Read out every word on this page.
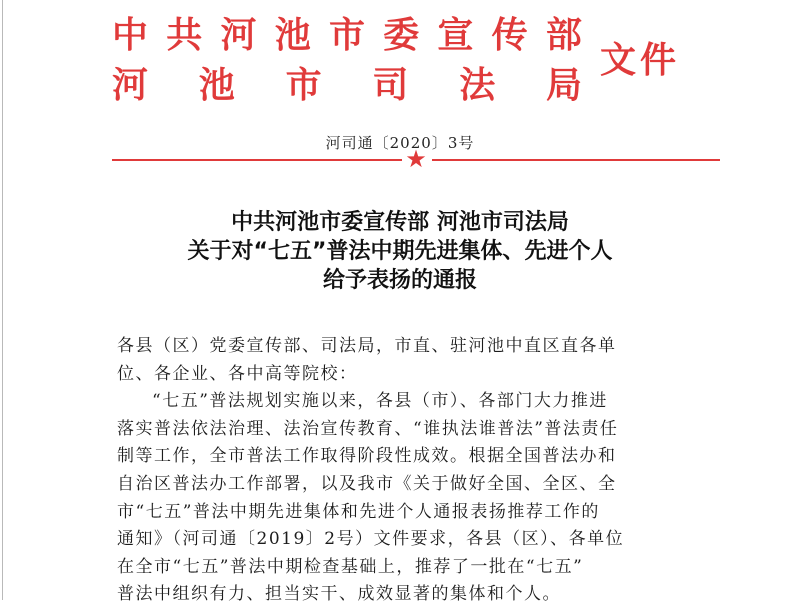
中 共 河 池 市 委 宣 传 部
河 池 市 司 法 局
文件
河司通〔2020〕3号
★
中共河池市委宣传部 河池市司法局
关于对“七五”普法中期先进集体、先进个人
给予表扬的通报
各县（区）党委宣传部、司法局，市直、驻河池中直区直各单
位、各企业、各中高等院校：
“七五”普法规划实施以来，各县（市）、各部门大力推进
落实普法依法治理、法治宣传教育、“谁执法谁普法”普法责任
制等工作，全市普法工作取得阶段性成效。根据全国普法办和
自治区普法办工作部署，以及我市《关于做好全国、全区、全
市“七五”普法中期先进集体和先进个人通报表扬推荐工作的
通知》（河司通〔2019〕2号）文件要求，各县（区）、各单位
在全市“七五”普法中期检查基础上，推荐了一批在“七五”
普法中组织有力、担当实干、成效显著的集体和个人。
